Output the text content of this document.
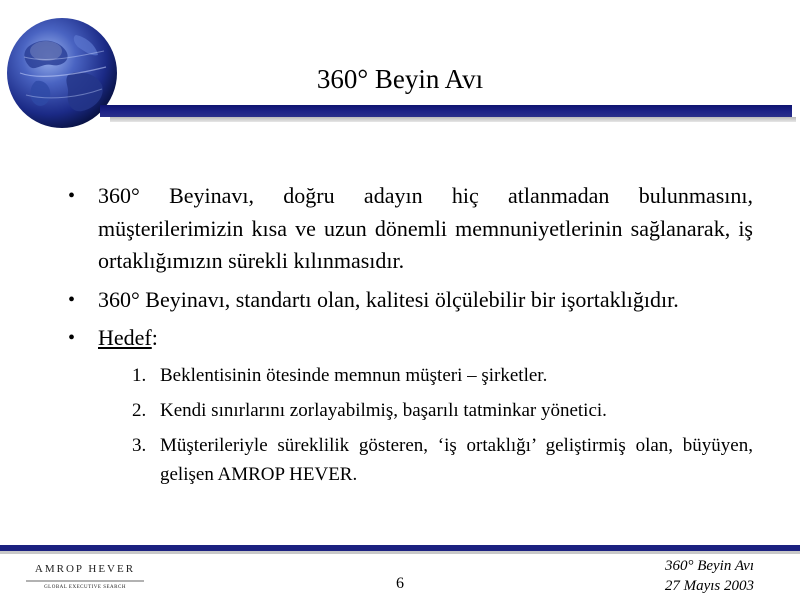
360° Beyin Avı
• 360° Beyinavı, doğru adayın hiç atlanmadan bulunmasını, müşterilerimizin kısa ve uzun dönemli memnuniyetlerinin sağlanarak, iş ortaklığımızın sürekli kılınmasıdır.
• 360° Beyinavı, standartı olan, kalitesi ölçülebilir bir işortaklığıdır.
• Hedef:
1. Beklentisinin ötesinde memnun müşteri – şirketler.
2. Kendi sınırlarını zorlayabilmiş, başarılı tatminkar yönetici.
3. Müşterileriyle süreklilik gösteren, ‘iş ortaklığı’ geliştirmiş olan, büyüyen, gelişen AMROP HEVER.
AMROP HEVER
GLOBAL EXECUTIVE SEARCH	6
360° Beyin Avı
27 Mayıs 2003
